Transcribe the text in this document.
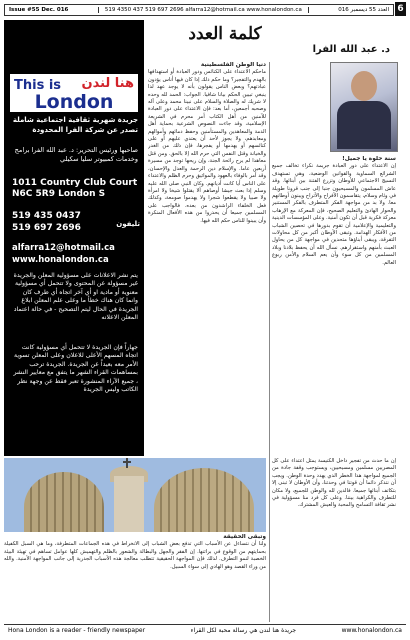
Issue #55 Dec. 016	519 4350 437 519 697 2696 alfarra12@hotmail.ca www.honalondon.ca	العدد 55 ديسمبر 016 6
كلمة العدد
د. عبد الله الفرا
This is هنا لندن
London
جريدة شهرية ثقافية اجتماعية شاملة تصدر عن شركة الفرا المحدودة
صاحبها ورئيس التحرير: د. عبد الله الفرا برامج وخدمات كمبيوتر سليا سكيلي
1011 Country Club Court
N6C 5R9 London S
519 435 0437
519 697 2696	تليفون
alfarra12@hotmail.ca
www.honalondon.ca
يتم نشر الاعلانات على مسؤولية المعلن والجريدة غير مسؤولة عن المحتوى ولا تتحمل أي مسؤولية معنوية أو مادية او أي آخر اتجاه أي طرف كان وانما كان هناك خطأ ما وعلى علم المعلن ابلاغ الجريدة في الحال ليتم التصحيح - في حالة اعتماد المعلن الاعلانه
جهاراً فإن الجريدة لا تتحمل أي مسؤولية كانت اتجاه المسهم الأعلى للاعلان وعلى المعلن تسوية الأمر معه بعيداً عن الجريدة. الجريدة ترحب بمساهمات القراء الشهر ما يتفق مع معايير النشر ، جميع الآراء المنشورة تعبر فقط عن وجهة نظر الكاتب وليس الجريدة
دنيا الوطن الفلسطينية
ماحكم الاعتداء على الكنائس ودور العبادة أو استهدافها بالهدم والتفجير؟ وما حكم ذلك إذا كان فيها أناس يؤدون عبادتهم؟ وبعض الناس يقولون بأنه لا يوجد عهد لذا ينبغي تبيين الحكم بيانا شافيا. الجواب: الحمد لله وحده لا شريك له والصلاة والسلام على نبينا محمد وعلى آله وصحبه أجمعين، أما بعد: فإن الاعتداء على دور العبادة للآمنين من أهل الكتاب أمر محرم في الشريعة الإسلامية، وقد جاءت النصوص الشرعية بحماية أهل الذمة والمعاهدين والمستأمنين وحفظ دمائهم وأموالهم ومعابدهم، ولا يجوز لأحد أن يعتدي عليهم أو على كنائسهم أو يهدمها أو يفجرها، فإن ذلك من الغدر والخيانة وقتل النفس التي حرم الله إلا بالحق. ومن قتل معاهدا لم يرح رائحة الجنة، وإن ريحها توجد من مسيرة أربعين عاما. والإسلام دين الرحمة والعدل والإحسان، وقد أمر بالوفاء بالعهود والمواثيق وحرم الظلم والاعتداء على الناس أيا كانت أديانهم. وكان النبي صلى الله عليه وسلم إذا بعث جيشا أوصاهم ألا يقتلوا شيخا ولا امرأة ولا صبيا ولا يقطعوا شجرا ولا يهدموا صومعة، وكذلك فعل الخلفاء الراشدون من بعده. فالواجب على المسلمين جميعا أن يحذروا من هذه الأفعال المنكرة وأن يبينوا للناس حكم الله فيها.
سنة حلوة يا جميل!
إن الاعتداء على دور العبادة جريمة نكراء تخالف جميع الشرائع السماوية والقوانين الوضعية، وهي تستهدف النسيج الاجتماعي للأوطان وتزرع الفتنة بين أبنائها. وقد عاش المسلمون والمسيحيون جنبا إلى جنب قرونا طويلة في وئام وسلام، يتقاسمون الأفراح والأتراح ويبنون أوطانهم معا. ولا بد من مواجهة الفكر المتطرف بالفكر المستنير والحوار الهادئ والتعليم الصحيح، فإن المعركة مع الإرهاب معركة فكرية قبل أن تكون أمنية. وعلى المؤسسات الدينية والتعليمية والإعلامية أن تقوم بدورها في تحصين الشباب من الأفكار الهدامة. وتبقى الأوطان أكبر من كل محاولات التفرقة، ويبقى أبناؤها متحدين في مواجهة كل من يحاول العبث بأمنهم واستقرارهم. نسأل الله أن يحفظ بلادنا وبلاد المسلمين من كل سوء وأن يعم السلام والأمن ربوع العالم.
إن ما حدث من تفجير داخل الكنيسة يمثل اعتداء على كل المصريين مسلمين ومسيحيين، ويستوجب وقفة جادة من الجميع لمواجهة هذا الخطر الذي يهدد وحدة الوطن. ويجب أن نتذكر دائما أن قوتنا في وحدتنا، وأن الأوطان لا تبنى إلا بتكاتف أبنائها جميعا. فالدين لله والوطن للجميع، ولا مكان للتطرف والكراهية بيننا. وعلى كل فرد منا مسؤولية في نشر ثقافة التسامح والمحبة والعيش المشترك.
وتبقى الحقيقة
ولنا أن نتساءل عن الأسباب التي تدفع بعض الشباب إلى الانخراط في هذه الجماعات المتطرفة، وما هي السبل الكفيلة بحمايتهم من الوقوع في براثنها. إن الفقر والجهل والبطالة والشعور بالظلم والتهميش كلها عوامل تساهم في تهيئة البيئة الخصبة لنمو التطرف. لذلك فإن المواجهة الحقيقية تتطلب معالجة هذه الأسباب الجذرية إلى جانب المواجهة الأمنية. والله من وراء القصد وهو الهادي إلى سواء السبيل.
Hona London is a reader - friendly newspaper	جريدة هنا لندن هي رسالة محبة لكل القراء	www.honalondon.ca
